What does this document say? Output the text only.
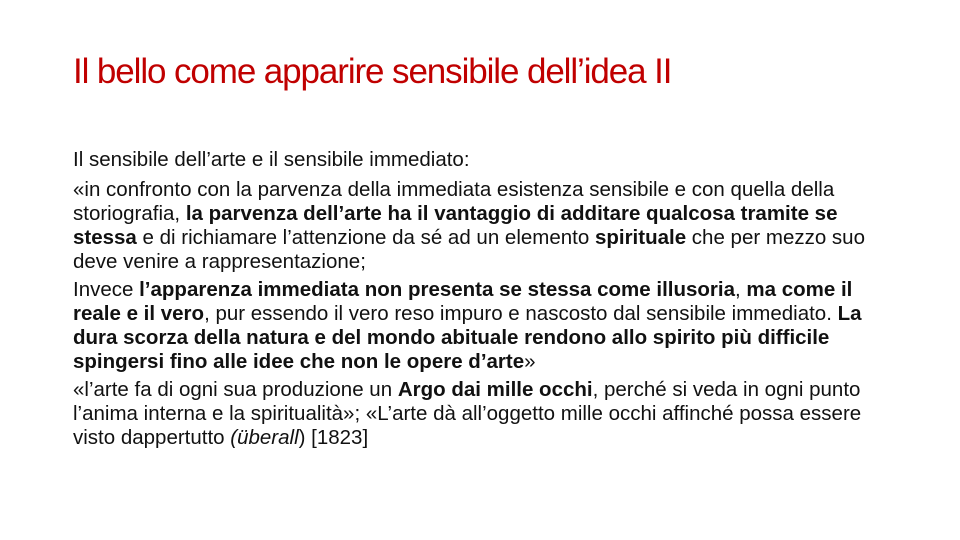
Il bello come apparire sensibile dell’idea II

Il sensibile dell’arte e il sensibile immediato:

«in confronto con la parvenza della immediata esistenza sensibile e con quella della storiografia, la parvenza dell’arte ha il vantaggio di additare qualcosa tramite se stessa e di richiamare l’attenzione da sé ad un elemento spirituale che per mezzo suo deve venire a rappresentazione;

Invece l’apparenza immediata non presenta se stessa come illusoria, ma come il reale e il vero, pur essendo il vero reso impuro e nascosto dal sensibile immediato. La dura scorza della natura e del mondo abituale rendono allo spirito più difficile spingersi fino alle idee che non le opere d’arte»

«l’arte fa di ogni sua produzione un Argo dai mille occhi, perché si veda in ogni punto l’anima interna e la spiritualità»; «L’arte dà all’oggetto mille occhi affinché possa essere visto dappertutto (überall) [1823]
